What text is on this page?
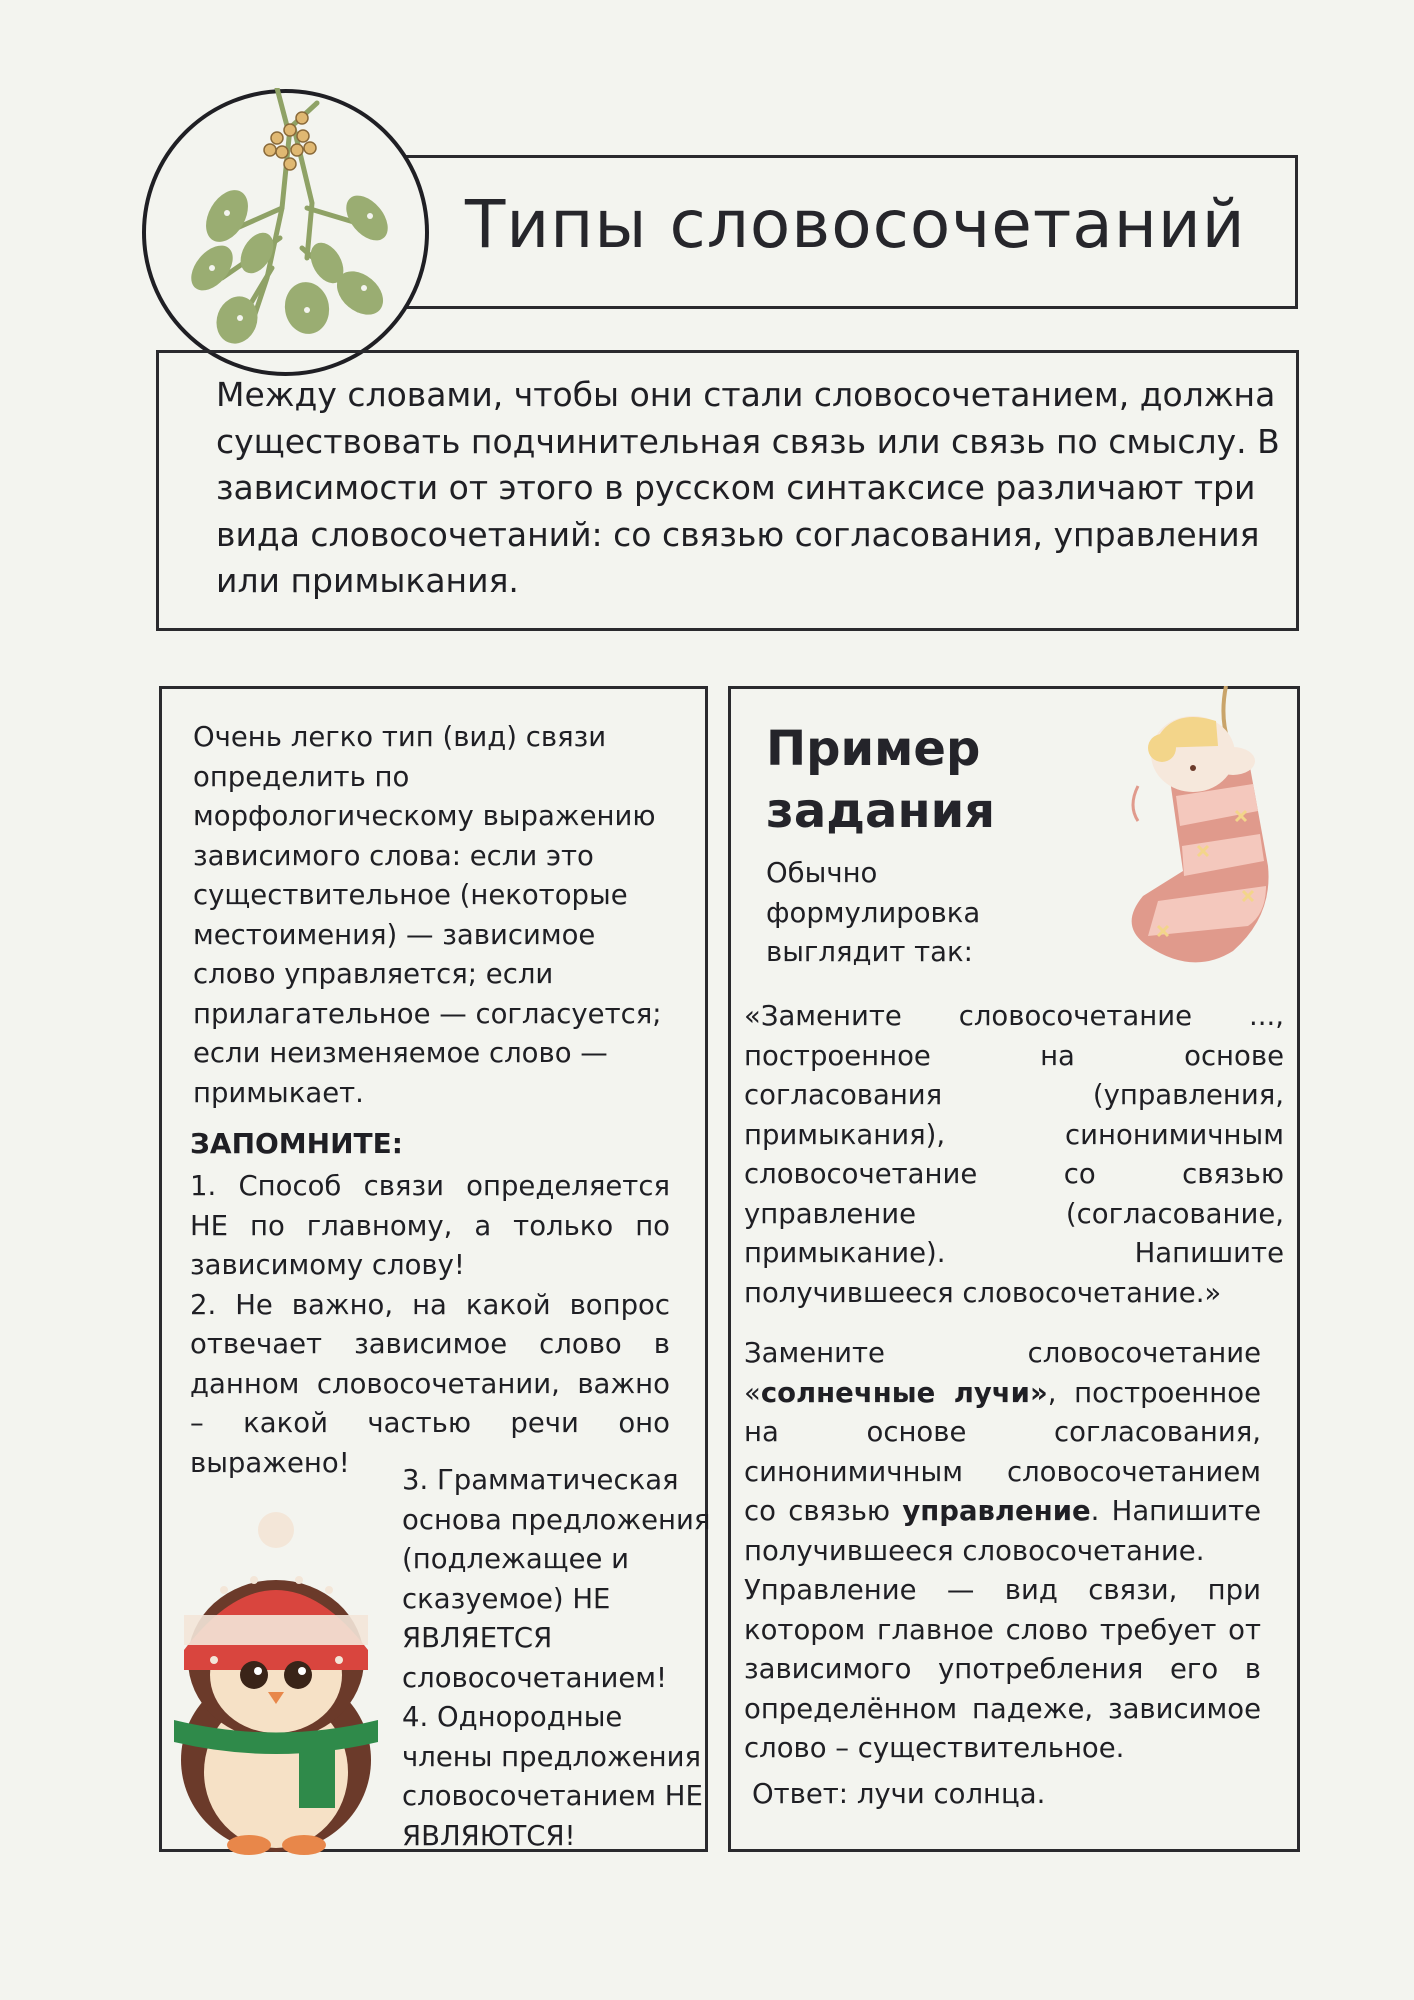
Типы словосочетаний

Между словами, чтобы они стали словосочетанием, должна существовать подчинительная связь или связь по смыслу. В зависимости от этого в русском синтаксисе различают три вида словосочетаний: со связью согласования, управления или примыкания.

Очень легко тип (вид) связи определить по морфологическому выражению зависимого слова: если это существительное (некоторые местоимения) — зависимое слово управляется; если прилагательное — согласуется; если неизменяемое слово — примыкает.

ЗАПОМНИТЕ:

1. Способ связи определяется НЕ по главному, а только по зависимому слову!
2. Не важно, на какой вопрос отвечает зависимое слово в данном словосочетании, важно – какой частью речи оно выражено!
3. Грамматическая основа предложения (подлежащее и сказуемое) НЕ ЯВЛЯЕТСЯ словосочетанием!
4. Однородные члены предложения словосочетанием НЕ ЯВЛЯЮТСЯ!
Пример
задания

Обычно формулировка выглядит так:

«Замените словосочетание ..., построенное на основе согласования (управления, примыкания), синонимичным словосочетание со связью управление (согласование, примыкание). Напишите получившееся словосочетание.»

Замените словосочетание «солнечные лучи», построенное на основе согласования, синонимичным словосочетанием со связью управление. Напишите получившееся словосочетание.
Управление — вид связи, при котором главное слово требует от зависимого употребления его в определённом падеже, зависимое слово – существительное.

Ответ: лучи солнца.
